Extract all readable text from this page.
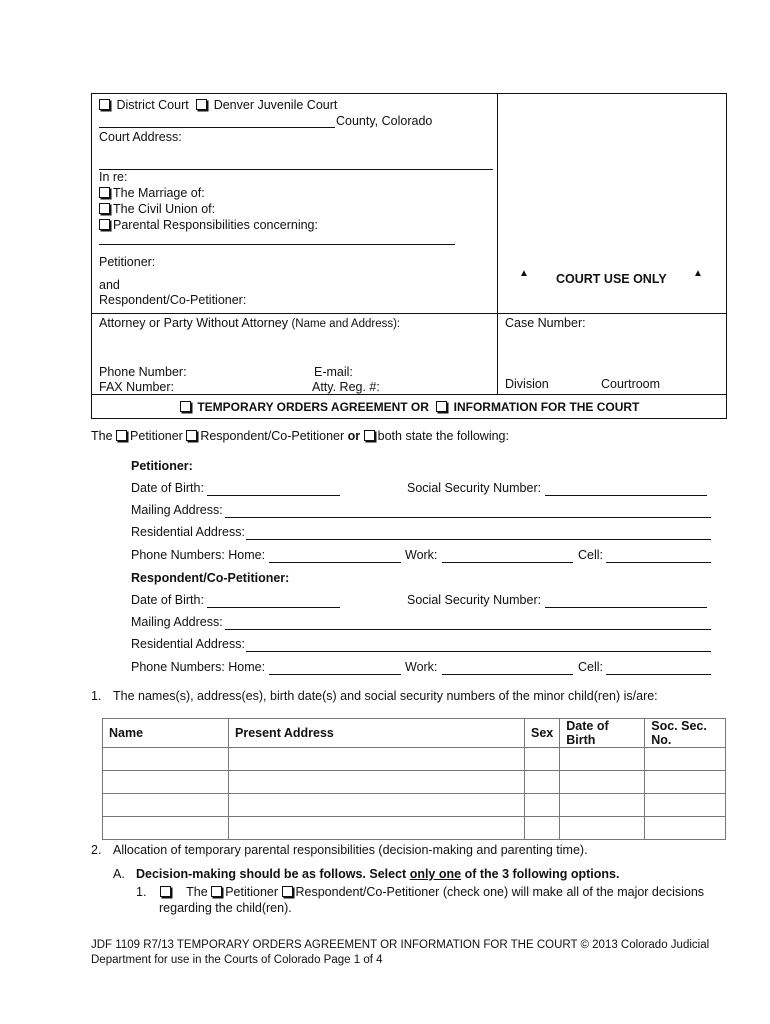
District Court Denver Juvenile Court
County, Colorado
Court Address:
In re:
The Marriage of:
The Civil Union of:
Parental Responsibilities concerning:
Petitioner:
and
Respondent/Co-Petitioner:
▲ COURT USE ONLY	▲
Attorney or Party Without Attorney (Name and Address):	Case Number:
Phone Number:	E-mail:
FAX Number:	Atty. Reg. #:	Division	Courtroom
TEMPORARY ORDERS AGREEMENT OR INFORMATION FOR THE COURT
The Petitioner Respondent/Co-Petitioner or both state the following:
Petitioner:
Date of Birth:	Social Security Number:
Mailing Address:
Residential Address:
Phone Numbers: Home:	Work:	Cell:
Respondent/Co-Petitioner:
Date of Birth:	Social Security Number:
Mailing Address:
Residential Address:
Phone Numbers: Home:	Work:	Cell:
1. The names(s), address(es), birth date(s) and social security numbers of the minor child(ren) is/are:
Name	Present Address	Sex	Date of Birth	Soc. Sec. No.

2. Allocation of temporary parental responsibilities (decision-making and parenting time).
A. Decision-making should be as follows. Select only one of the 3 following options.
1.	The Petitioner Respondent/Co-Petitioner (check one) will make all of the major decisions
regarding the child(ren).
JDF 1109 R7/13 TEMPORARY ORDERS AGREEMENT OR INFORMATION FOR THE COURT © 2013 Colorado Judicial
Department for use in the Courts of Colorado Page 1 of 4
